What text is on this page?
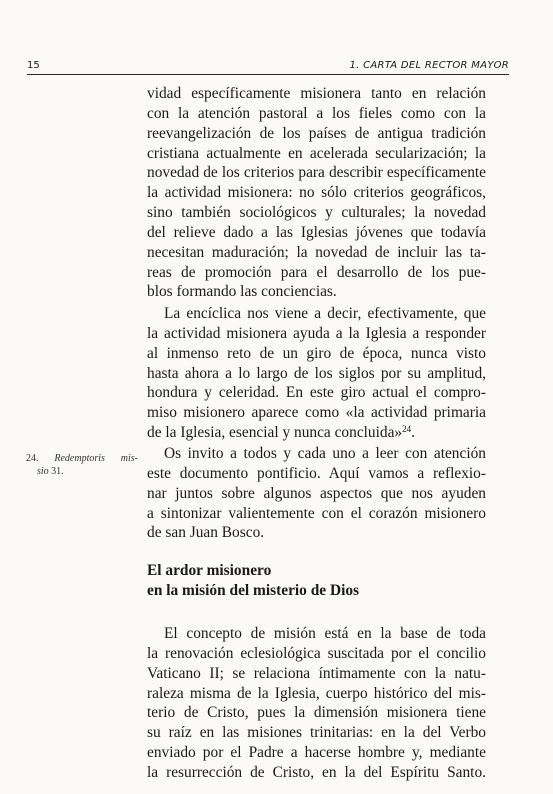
15	1. CARTA DEL RECTOR MAYOR
vidad específicamente misionera tanto en relación
con la atención pastoral a los fieles como con la
reevangelización de los países de antigua tradición
cristiana actualmente en acelerada secularización; la
novedad de los criterios para describir específicamente
la actividad misionera: no sólo criterios geográficos,
sino también sociológicos y culturales; la novedad
del relieve dado a las Iglesias jóvenes que todavía
necesitan maduración; la novedad de incluir las ta-
reas de promoción para el desarrollo de los pue-
blos formando las conciencias.
La encíclica nos viene a decir, efectivamente, que
la actividad misionera ayuda a la Iglesia a responder
al inmenso reto de un giro de época, nunca visto
hasta ahora a lo largo de los siglos por su amplitud,
hondura y celeridad. En este giro actual el compro-
miso misionero aparece como «la actividad primaria
de la Iglesia, esencial y nunca concluida»$^{24}$.
24. Redemptoris mis-
sio 31.
Os invito a todos y cada uno a leer con atención
este documento pontificio. Aquí vamos a reflexio-
nar juntos sobre algunos aspectos que nos ayuden
a sintonizar valientemente con el corazón misionero
de san Juan Bosco.
El ardor misionero
en la misión del misterio de Dios
El concepto de misión está en la base de toda
la renovación eclesiológica suscitada por el concilio
Vaticano II; se relaciona íntimamente con la natu-
raleza misma de la Iglesia, cuerpo histórico del mis-
terio de Cristo, pues la dimensión misionera tiene
su raíz en las misiones trinitarias: en la del Verbo
enviado por el Padre a hacerse hombre y, mediante
la resurrección de Cristo, en la del Espíritu Santo.
